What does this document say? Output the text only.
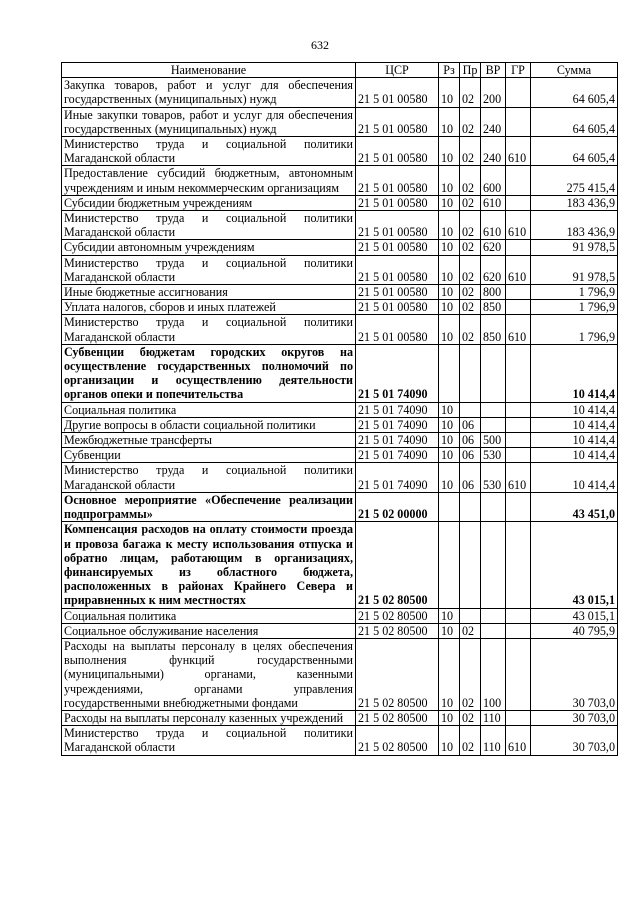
632
Наименование	ЦСР	Рз	Пр	ВР	ГР	Сумма
Закупка товаров, работ и услуг для обеспечения государственных (муниципальных) нужд	21 5 01 00580	10	02	200		64 605,4
Иные закупки товаров, работ и услуг для обеспечения государственных (муниципальных) нужд	21 5 01 00580	10	02	240		64 605,4
Министерство труда и социальной политики Магаданской области	21 5 01 00580	10	02	240	610	64 605,4
Предоставление субсидий бюджетным, автономным учреждениям и иным некоммерческим организациям	21 5 01 00580	10	02	600		275 415,4
Субсидии бюджетным учреждениям	21 5 01 00580	10	02	610		183 436,9
Министерство труда и социальной политики Магаданской области	21 5 01 00580	10	02	610	610	183 436,9
Субсидии автономным учреждениям	21 5 01 00580	10	02	620		91 978,5
Министерство труда и социальной политики Магаданской области	21 5 01 00580	10	02	620	610	91 978,5
Иные бюджетные ассигнования	21 5 01 00580	10	02	800		1 796,9
Уплата налогов, сборов и иных платежей	21 5 01 00580	10	02	850		1 796,9
Министерство труда и социальной политики Магаданской области	21 5 01 00580	10	02	850	610	1 796,9
Субвенции бюджетам городских округов на осуществление государственных полномочий по организации и осуществлению деятельности органов опеки и попечительства	21 5 01 74090					10 414,4
Социальная политика	21 5 01 74090	10				10 414,4
Другие вопросы в области социальной политики	21 5 01 74090	10	06			10 414,4
Межбюджетные трансферты	21 5 01 74090	10	06	500		10 414,4
Субвенции	21 5 01 74090	10	06	530		10 414,4
Министерство труда и социальной политики Магаданской области	21 5 01 74090	10	06	530	610	10 414,4
Основное мероприятие «Обеспечение реализации подпрограммы»	21 5 02 00000					43 451,0
Компенсация расходов на оплату стоимости проезда и провоза багажа к месту использования отпуска и обратно лицам, работающим в организациях, финансируемых из областного бюджета, расположенных в районах Крайнего Севера и приравненных к ним местностях	21 5 02 80500					43 015,1
Социальная политика	21 5 02 80500	10				43 015,1
Социальное обслуживание населения	21 5 02 80500	10	02			40 795,9
Расходы на выплаты персоналу в целях обеспечения выполнения функций государственными (муниципальными) органами, казенными учреждениями, органами управления государственными внебюджетными фондами	21 5 02 80500	10	02	100		30 703,0
Расходы на выплаты персоналу казенных учреждений	21 5 02 80500	10	02	110		30 703,0
Министерство труда и социальной политики Магаданской области	21 5 02 80500	10	02	110	610	30 703,0
